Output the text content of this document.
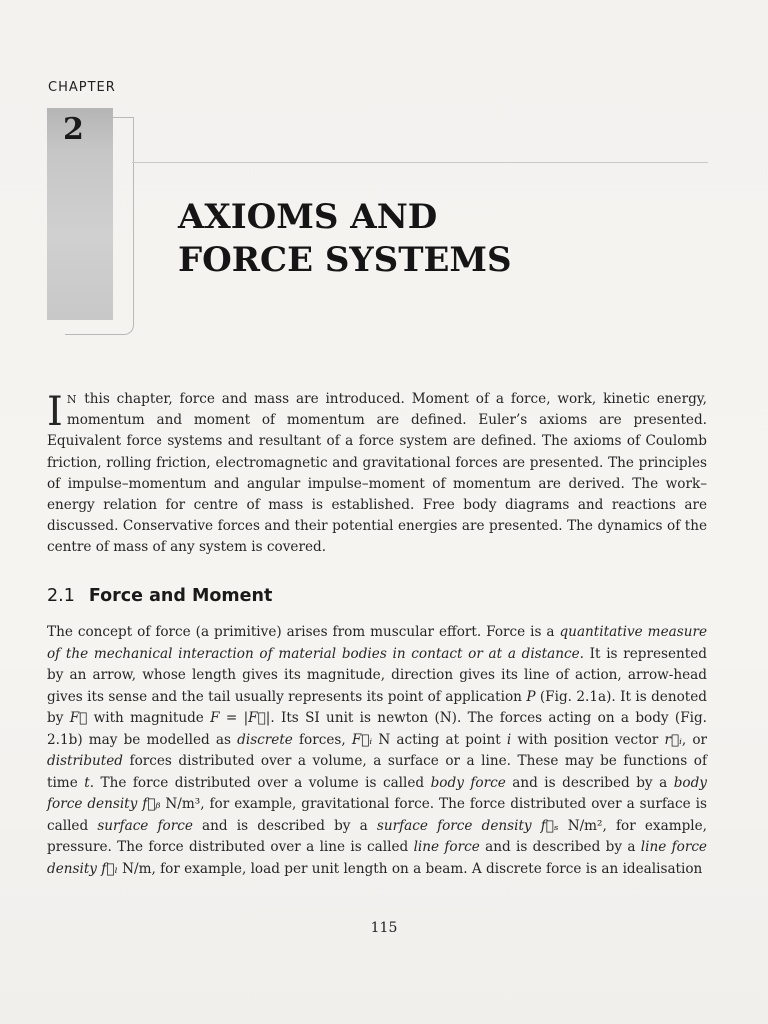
CHAPTER
2
AXIOMS AND
FORCE SYSTEMS
I N this chapter, force and mass are introduced. Moment of a force, work, kinetic energy, momentum and moment of momentum are defined. Euler’s axioms are presented. Equivalent force systems and resultant of a force system are defined. The axioms of Coulomb friction, rolling friction, electromagnetic and gravitational forces are presented. The principles of impulse–momentum and angular impulse–moment of momentum are derived. The work–energy relation for centre of mass is established. Free body diagrams and reactions are discussed. Conservative forces and their potential energies are presented. The dynamics of the centre of mass of any system is covered.
2.1 Force and Moment
The concept of force (a primitive) arises from muscular effort. Force is a quantitative measure of the mechanical interaction of material bodies in contact or at a distance. It is represented by an arrow, whose length gives its magnitude, direction gives its line of action, arrow-head gives its sense and the tail usually represents its point of application P (Fig. 2.1a). It is denoted by F⃗ with magnitude F = |F⃗|. Its SI unit is newton (N). The forces acting on a body (Fig. 2.1b) may be modelled as discrete forces, F⃗ᵢ N acting at point i with position vector r⃗ᵢ, or distributed forces distributed over a volume, a surface or a line. These may be functions of time t. The force distributed over a volume is called body force and is described by a body force density f⃗ᵦ N/m³, for example, gravitational force. The force distributed over a surface is called surface force and is described by a surface force density f⃗ₛ N/m², for example, pressure. The force distributed over a line is called line force and is described by a line force density f⃗ₗ N/m, for example, load per unit length on a beam. A discrete force is an idealisation
115
